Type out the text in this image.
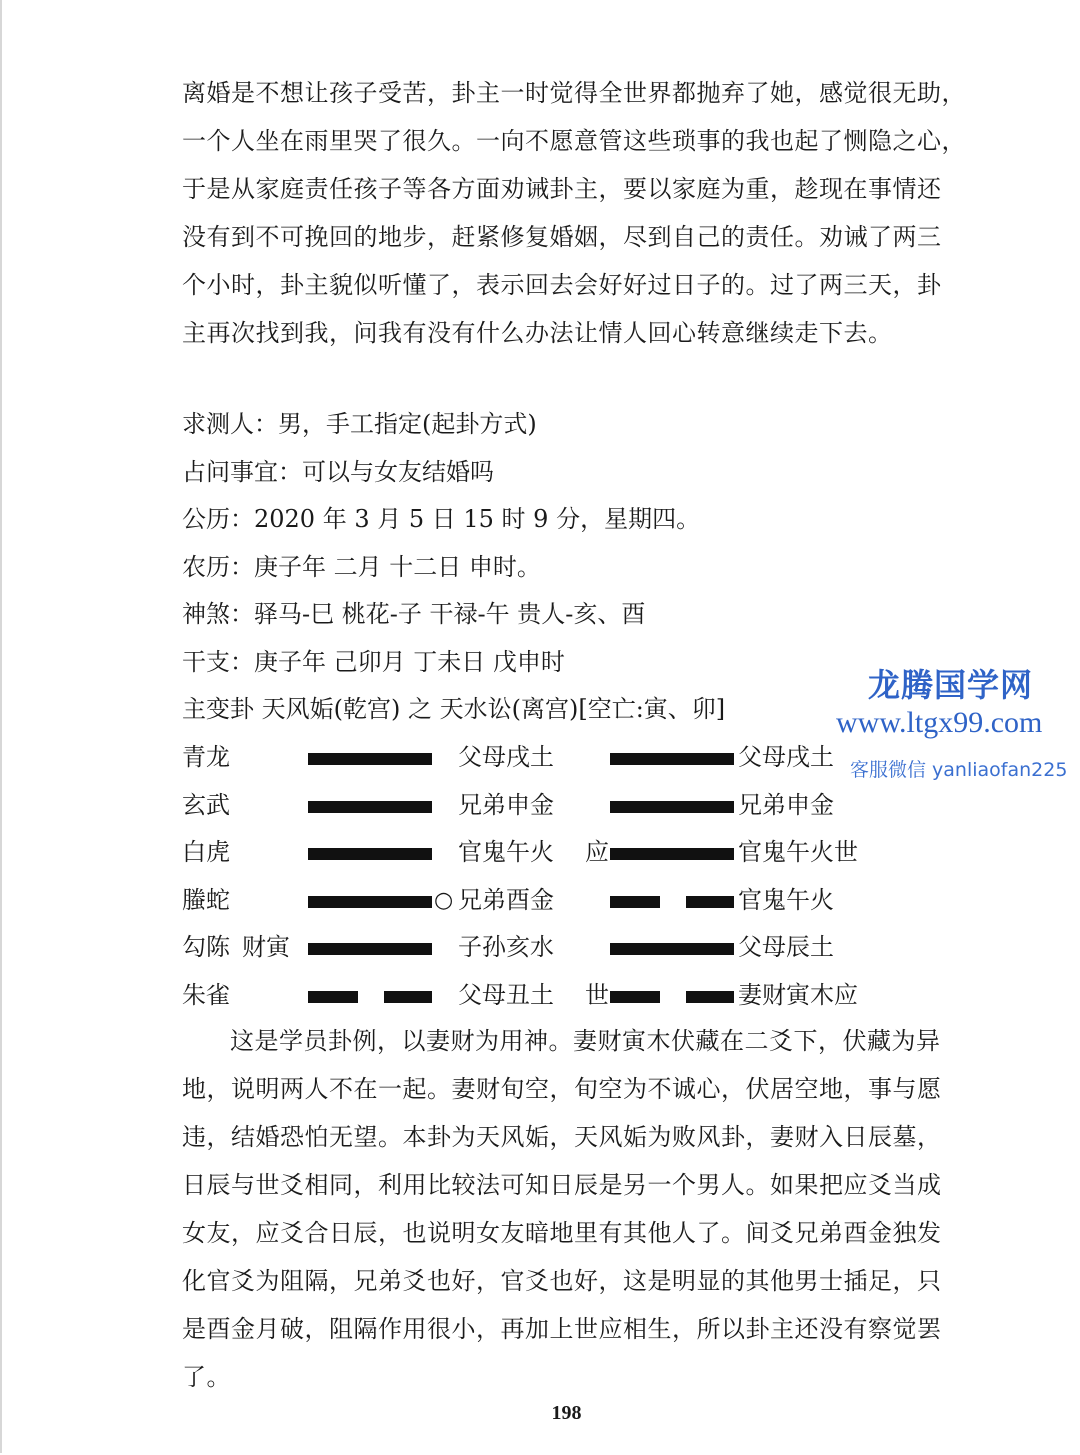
离婚是不想让孩子受苦，卦主一时觉得全世界都抛弃了她，感觉很无助，
一个人坐在雨里哭了很久。一向不愿意管这些琐事的我也起了恻隐之心，
于是从家庭责任孩子等各方面劝诫卦主，要以家庭为重，趁现在事情还
没有到不可挽回的地步，赶紧修复婚姻，尽到自己的责任。劝诫了两三
个小时，卦主貌似听懂了，表示回去会好好过日子的。过了两三天，卦
主再次找到我，问我有没有什么办法让情人回心转意继续走下去。
求测人：男，手工指定(起卦方式)
占问事宜：可以与女友结婚吗
公历：2020 年 3 月 5 日 15 时 9 分，星期四。
农历：庚子年 二月 十二日 申时。
神煞：驿马-巳 桃花-子 干禄-午 贵人-亥、酉
干支：庚子年 己卯月 丁未日 戊申时
主变卦 天风姤(乾宫) 之 天水讼(离宫)[空亡:寅、卯]
青龙	父母戌土	父母戌土
玄武	兄弟申金	兄弟申金
白虎	官鬼午火 应	官鬼午火世
螣蛇	○ 兄弟酉金	官鬼午火
勾陈 财寅	子孙亥水	父母辰土
朱雀	父母丑土 世	妻财寅木应
这是学员卦例，以妻财为用神。妻财寅木伏藏在二爻下，伏藏为异
地，说明两人不在一起。妻财旬空，旬空为不诚心，伏居空地，事与愿
违，结婚恐怕无望。本卦为天风姤，天风姤为败风卦，妻财入日辰墓，
日辰与世爻相同，利用比较法可知日辰是另一个男人。如果把应爻当成
女友，应爻合日辰，也说明女友暗地里有其他人了。间爻兄弟酉金独发
化官爻为阻隔，兄弟爻也好，官爻也好，这是明显的其他男士插足，只
是酉金月破，阻隔作用很小，再加上世应相生，所以卦主还没有察觉罢
了。
198
龙腾国学网
www.ltgx99.com
客服微信 yanliaofan225
